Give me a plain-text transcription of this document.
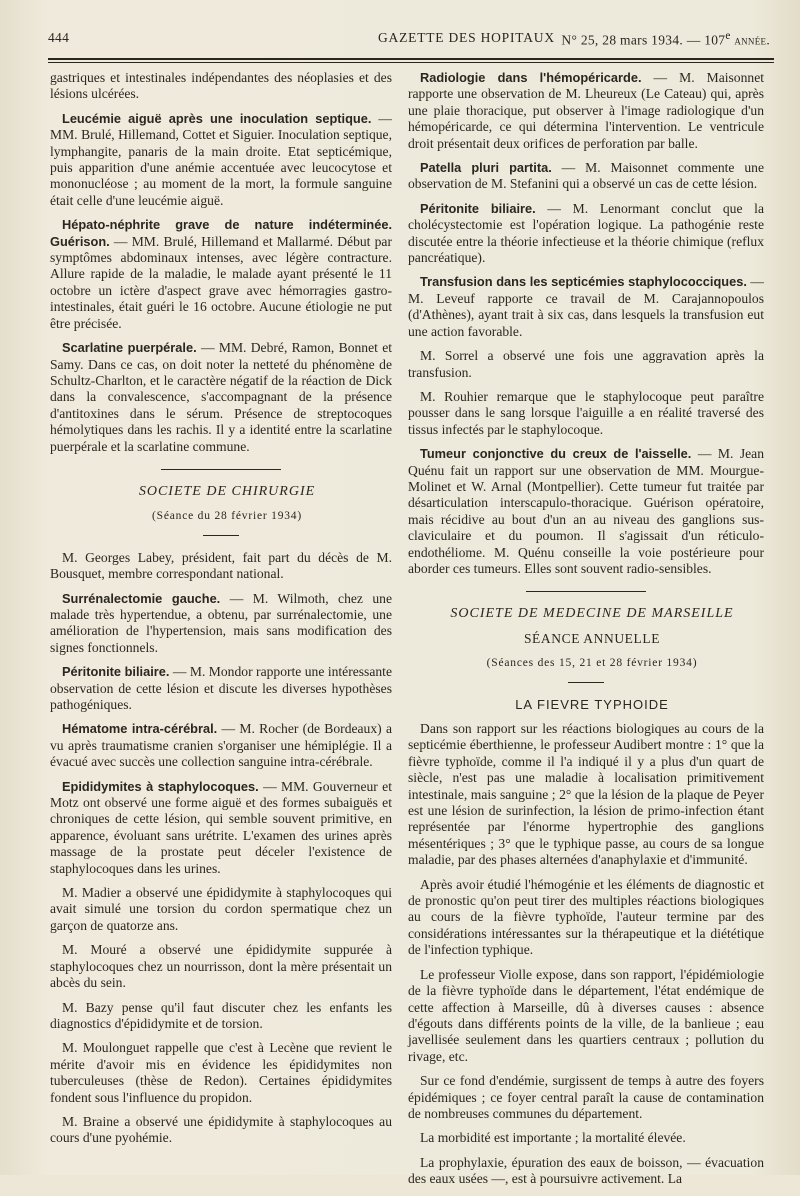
444	GAZETTE DES HOPITAUX N° 25, 28 mars 1934. — 107e année.

gastriques et intestinales indépendantes des néoplasies et des lésions ulcérées.

Leucémie aiguë après une inoculation septique. — MM. Brulé, Hillemand, Cottet et Siguier. Inoculation septique, lymphangite, panaris de la main droite. Etat septicémique, puis apparition d'une anémie accentuée avec leucocytose et mononucléose ; au moment de la mort, la formule sanguine était celle d'une leucémie aiguë.

Hépato-néphrite grave de nature indéterminée. Guérison. — MM. Brulé, Hillemand et Mallarmé. Début par symptômes abdominaux intenses, avec légère contracture. Allure rapide de la maladie, le malade ayant présenté le 11 octobre un ictère d'aspect grave avec hémorragies gastro-intestinales, était guéri le 16 octobre. Aucune étiologie ne put être précisée.

Scarlatine puerpérale. — MM. Debré, Ramon, Bonnet et Samy. Dans ce cas, on doit noter la netteté du phénomène de Schultz-Charlton, et le caractère négatif de la réaction de Dick dans la convalescence, s'accompagnant de la présence d'antitoxines dans le sérum. Présence de streptocoques hémolytiques dans les rachis. Il y a identité entre la scarlatine puerpérale et la scarlatine commune.

SOCIETE DE CHIRURGIE

(Séance du 28 février 1934)

M. Georges Labey, président, fait part du décès de M. Bousquet, membre correspondant national.

Surrénalectomie gauche. — M. Wilmoth, chez une malade très hypertendue, a obtenu, par surrénalectomie, une amélioration de l'hypertension, mais sans modification des signes fonctionnels.

Péritonite biliaire. — M. Mondor rapporte une intéressante observation de cette lésion et discute les diverses hypothèses pathogéniques.

Hématome intra-cérébral. — M. Rocher (de Bordeaux) a vu après traumatisme cranien s'organiser une hémiplégie. Il a évacué avec succès une collection sanguine intra-cérébrale.

Epididymites à staphylocoques. — MM. Gouverneur et Motz ont observé une forme aiguë et des formes subaiguës et chroniques de cette lésion, qui semble souvent primitive, en apparence, évoluant sans urétrite. L'examen des urines après massage de la prostate peut déceler l'existence de staphylocoques dans les urines.

M. Madier a observé une épididymite à staphylocoques qui avait simulé une torsion du cordon spermatique chez un garçon de quatorze ans.

M. Mouré a observé une épididymite suppurée à staphylocoques chez un nourrisson, dont la mère présentait un abcès du sein.

M. Bazy pense qu'il faut discuter chez les enfants les diagnostics d'épididymite et de torsion.

M. Moulonguet rappelle que c'est à Lecène que revient le mérite d'avoir mis en évidence les épididymites non tuberculeuses (thèse de Redon). Certaines épididymites fondent sous l'influence du propidon.

M. Braine a observé une épididymite à staphylocoques au cours d'une pyohémie.

Radiologie dans l'hémopéricarde. — M. Maisonnet rapporte une observation de M. Lheureux (Le Cateau) qui, après une plaie thoracique, put observer à l'image radiologique d'un hémopéricarde, ce qui détermina l'intervention. Le ventricule droit présentait deux orifices de perforation par balle.

Patella pluri partita. — M. Maisonnet commente une observation de M. Stefanini qui a observé un cas de cette lésion.

Péritonite biliaire. — M. Lenormant conclut que la cholécystectomie est l'opération logique. La pathogénie reste discutée entre la théorie infectieuse et la théorie chimique (reflux pancréatique).

Transfusion dans les septicémies staphylococciques. — M. Leveuf rapporte ce travail de M. Carajannopoulos (d'Athènes), ayant trait à six cas, dans lesquels la transfusion eut une action favorable.

M. Sorrel a observé une fois une aggravation après la transfusion.

M. Rouhier remarque que le staphylocoque peut paraître pousser dans le sang lorsque l'aiguille a en réalité traversé des tissus infectés par le staphylocoque.

Tumeur conjonctive du creux de l'aisselle. — M. Jean Quénu fait un rapport sur une observation de MM. Mourgue-Molinet et W. Arnal (Montpellier). Cette tumeur fut traitée par désarticulation interscapulo-thoracique. Guérison opératoire, mais récidive au bout d'un an au niveau des ganglions sus-claviculaire et du poumon. Il s'agissait d'un réticulo-endothéliome. M. Quénu conseille la voie postérieure pour aborder ces tumeurs. Elles sont souvent radio-sensibles.

SOCIETE DE MEDECINE DE MARSEILLE

SÉANCE ANNUELLE

(Séances des 15, 21 et 28 février 1934)

LA FIEVRE TYPHOIDE

Dans son rapport sur les réactions biologiques au cours de la septicémie éberthienne, le professeur Audibert montre : 1° que la fièvre typhoïde, comme il l'a indiqué il y a plus d'un quart de siècle, n'est pas une maladie à localisation primitivement intestinale, mais sanguine ; 2° que la lésion de la plaque de Peyer est une lésion de surinfection, la lésion de primo-infection étant représentée par l'énorme hypertrophie des ganglions mésentériques ; 3° que le typhique passe, au cours de sa longue maladie, par des phases alternées d'anaphylaxie et d'immunité.

Après avoir étudié l'hémogénie et les éléments de diagnostic et de pronostic qu'on peut tirer des multiples réactions biologiques au cours de la fièvre typhoïde, l'auteur termine par des considérations intéressantes sur la thérapeutique et la diététique de l'infection typhique.

Le professeur Violle expose, dans son rapport, l'épidémiologie de la fièvre typhoïde dans le département, l'état endémique de cette affection à Marseille, dû à diverses causes : absence d'égouts dans différents points de la ville, de la banlieue ; eau javellisée seulement dans les quartiers centraux ; pollution du rivage, etc.

Sur ce fond d'endémie, surgissent de temps à autre des foyers épidémiques ; ce foyer central paraît la cause de contamination de nombreuses communes du département.

La morbidité est importante ; la mortalité élevée.

La prophylaxie, épuration des eaux de boisson, — évacuation des eaux usées —, est à poursuivre activement. La
